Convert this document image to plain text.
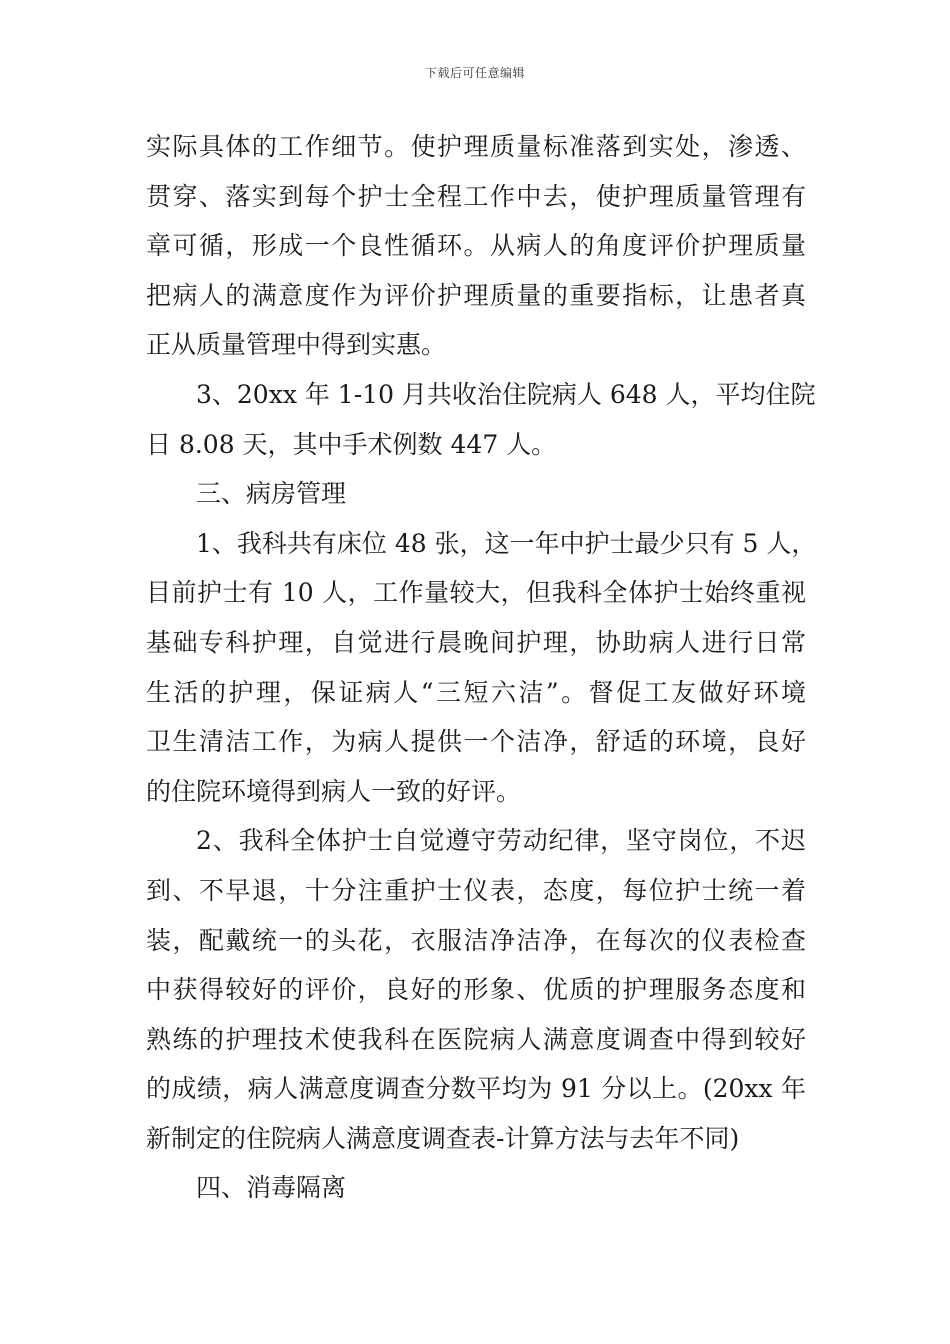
下载后可任意编辑
实际具体的工作细节。使护理质量标准落到实处，渗透、
贯穿、落实到每个护士全程工作中去，使护理质量管理有
章可循，形成一个良性循环。从病人的角度评价护理质量
把病人的满意度作为评价护理质量的重要指标，让患者真
正从质量管理中得到实惠。
3、20xx 年 1-10 月共收治住院病人 648 人，平均住院
日 8.08 天，其中手术例数 447 人。
三、病房管理
1、我科共有床位 48 张，这一年中护士最少只有 5 人，
目前护士有 10 人，工作量较大，但我科全体护士始终重视
基础专科护理，自觉进行晨晚间护理，协助病人进行日常
生活的护理，保证病人“三短六洁”。督促工友做好环境
卫生清洁工作，为病人提供一个洁净，舒适的环境，良好
的住院环境得到病人一致的好评。
2、我科全体护士自觉遵守劳动纪律，坚守岗位，不迟
到、不早退，十分注重护士仪表，态度，每位护士统一着
装，配戴统一的头花，衣服洁净洁净，在每次的仪表检查
中获得较好的评价，良好的形象、优质的护理服务态度和
熟练的护理技术使我科在医院病人满意度调查中得到较好
的成绩，病人满意度调查分数平均为 91 分以上。(20xx 年
新制定的住院病人满意度调查表-计算方法与去年不同)
四、消毒隔离
